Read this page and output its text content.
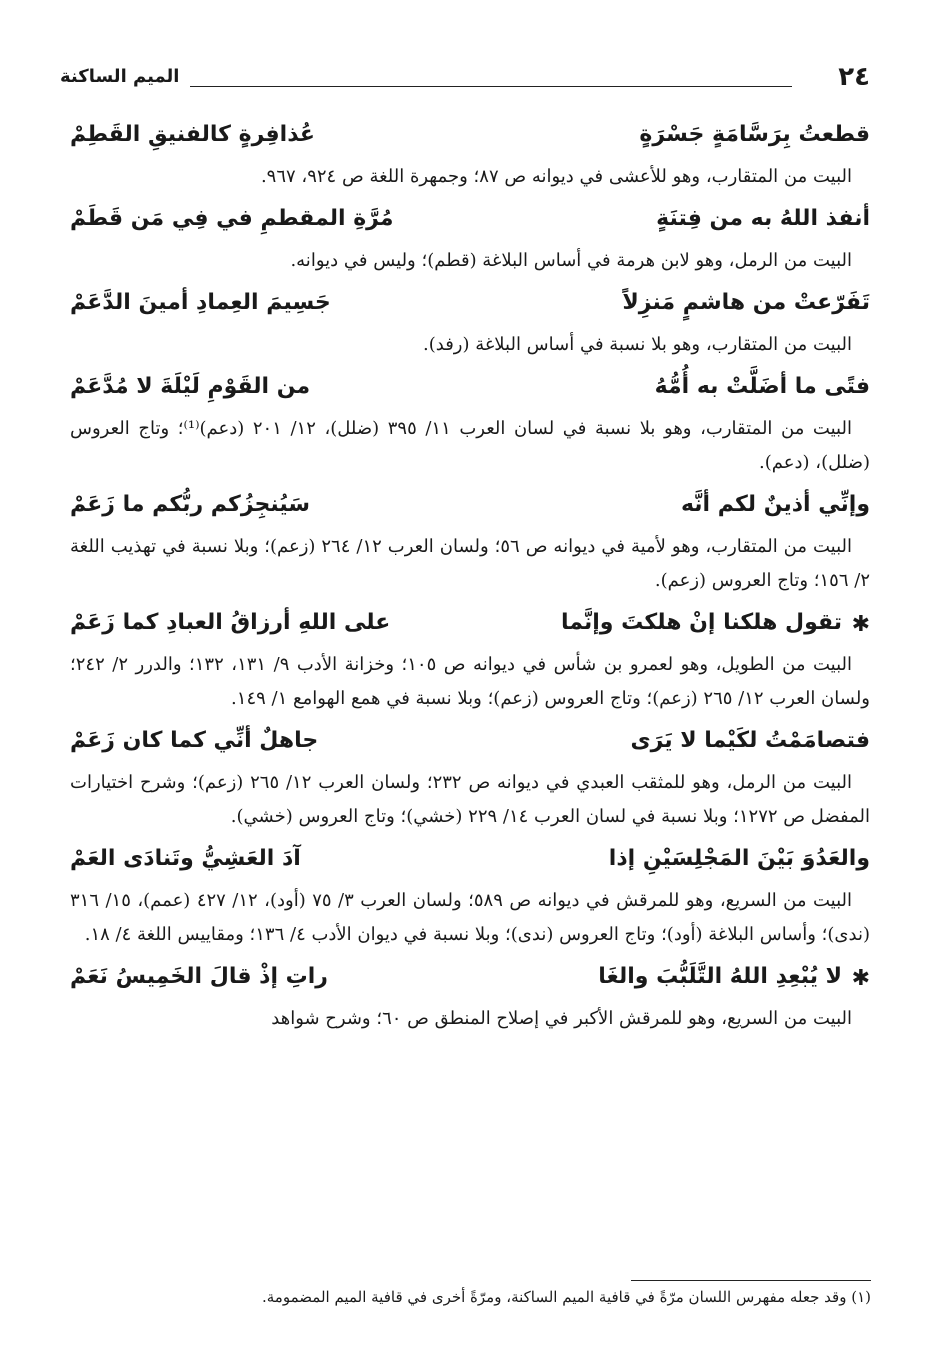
٢٤
الميم الساكنة
قطعتُ بِرَسَّامَةٍ جَسْرَةٍ
عُذافِرةٍ كالفنيقِ القَطِمْ

البيت من المتقارب، وهو للأعشى في ديوانه ص ٨٧؛ وجمهرة اللغة ص ٩٢٤، ٩٦٧.

أنفذ اللهُ به من فِتنَةٍ
مُرَّةِ المقطمِ في فِي مَن قَطَمْ

البيت من الرمل، وهو لابن هرمة في أساس البلاغة (قطم)؛ وليس في ديوانه.

تَفَرّعتْ من هاشمٍ مَنزِلاً
جَسِيمَ العِمادِ أمينَ الدَّعَمْ

البيت من المتقارب، وهو بلا نسبة في أساس البلاغة (رفد).

فتًى ما أضَلَّتْ به أُمُّهُ
من القَوْمِ لَيْلَةَ لا مُدَّعَمْ

البيت من المتقارب، وهو بلا نسبة في لسان العرب ١١/ ٣٩٥ (ضلل)، ١٢/ ٢٠١ (دعم)⁽¹⁾؛ وتاج العروس (ضلل)، (دعم).

وإنِّي أذينٌ لكم أنَّه
سَيُنجِزُكم ربُّكم ما زَعَمْ

البيت من المتقارب، وهو لأمية في ديوانه ص ٥٦؛ ولسان العرب ١٢/ ٢٦٤ (زعم)؛ وبلا نسبة في تهذيب اللغة ٢/ ١٥٦؛ وتاج العروس (زعم).

✱
تقول هلكنا إنْ هلكتَ وإنَّما
على اللهِ أرزاقُ العبادِ كما زَعَمْ

البيت من الطويل، وهو لعمرو بن شأس في ديوانه ص ١٠٥؛ وخزانة الأدب ٩/ ١٣١، ١٣٢؛ والدرر ٢/ ٢٤٢؛ ولسان العرب ١٢/ ٢٦٥ (زعم)؛ وتاج العروس (زعم)؛ وبلا نسبة في همع الهوامع ١/ ١٤٩.

فتصامَمْتُ لكَيْما لا يَرَى
جاهلٌ أنِّي كما كان زَعَمْ

البيت من الرمل، وهو للمثقب العبدي في ديوانه ص ٢٣٢؛ ولسان العرب ١٢/ ٢٦٥ (زعم)؛ وشرح اختيارات المفضل ص ١٢٧٢؛ وبلا نسبة في لسان العرب ١٤/ ٢٢٩ (خشي)؛ وتاج العروس (خشي).

والعَدُوَ بَيْنَ المَجْلِسَيْنِ إذا
آدَ العَشِيُّ وتَنادَى العَمْ

البيت من السريع، وهو للمرقش في ديوانه ص ٥٨٩؛ ولسان العرب ٣/ ٧٥ (أود)، ١٢/ ٤٢٧ (عمم)، ١٥/ ٣١٦ (ندى)؛ وأساس البلاغة (أود)؛ وتاج العروس (ندى)؛ وبلا نسبة في ديوان الأدب ٤/ ١٣٦؛ ومقاييس اللغة ٤/ ١٨.

✱
لا يُبْعِدِ اللهُ التَّلَبُّبَ والغَا
راتِ إذْ قالَ الخَمِيسُ نَعَمْ

البيت من السريع، وهو للمرقش الأكبر في إصلاح المنطق ص ٦٠؛ وشرح شواهد

(١) وقد جعله مفهرس اللسان مرّةً في قافية الميم الساكنة، ومرّةً أخرى في قافية الميم المضمومة.
